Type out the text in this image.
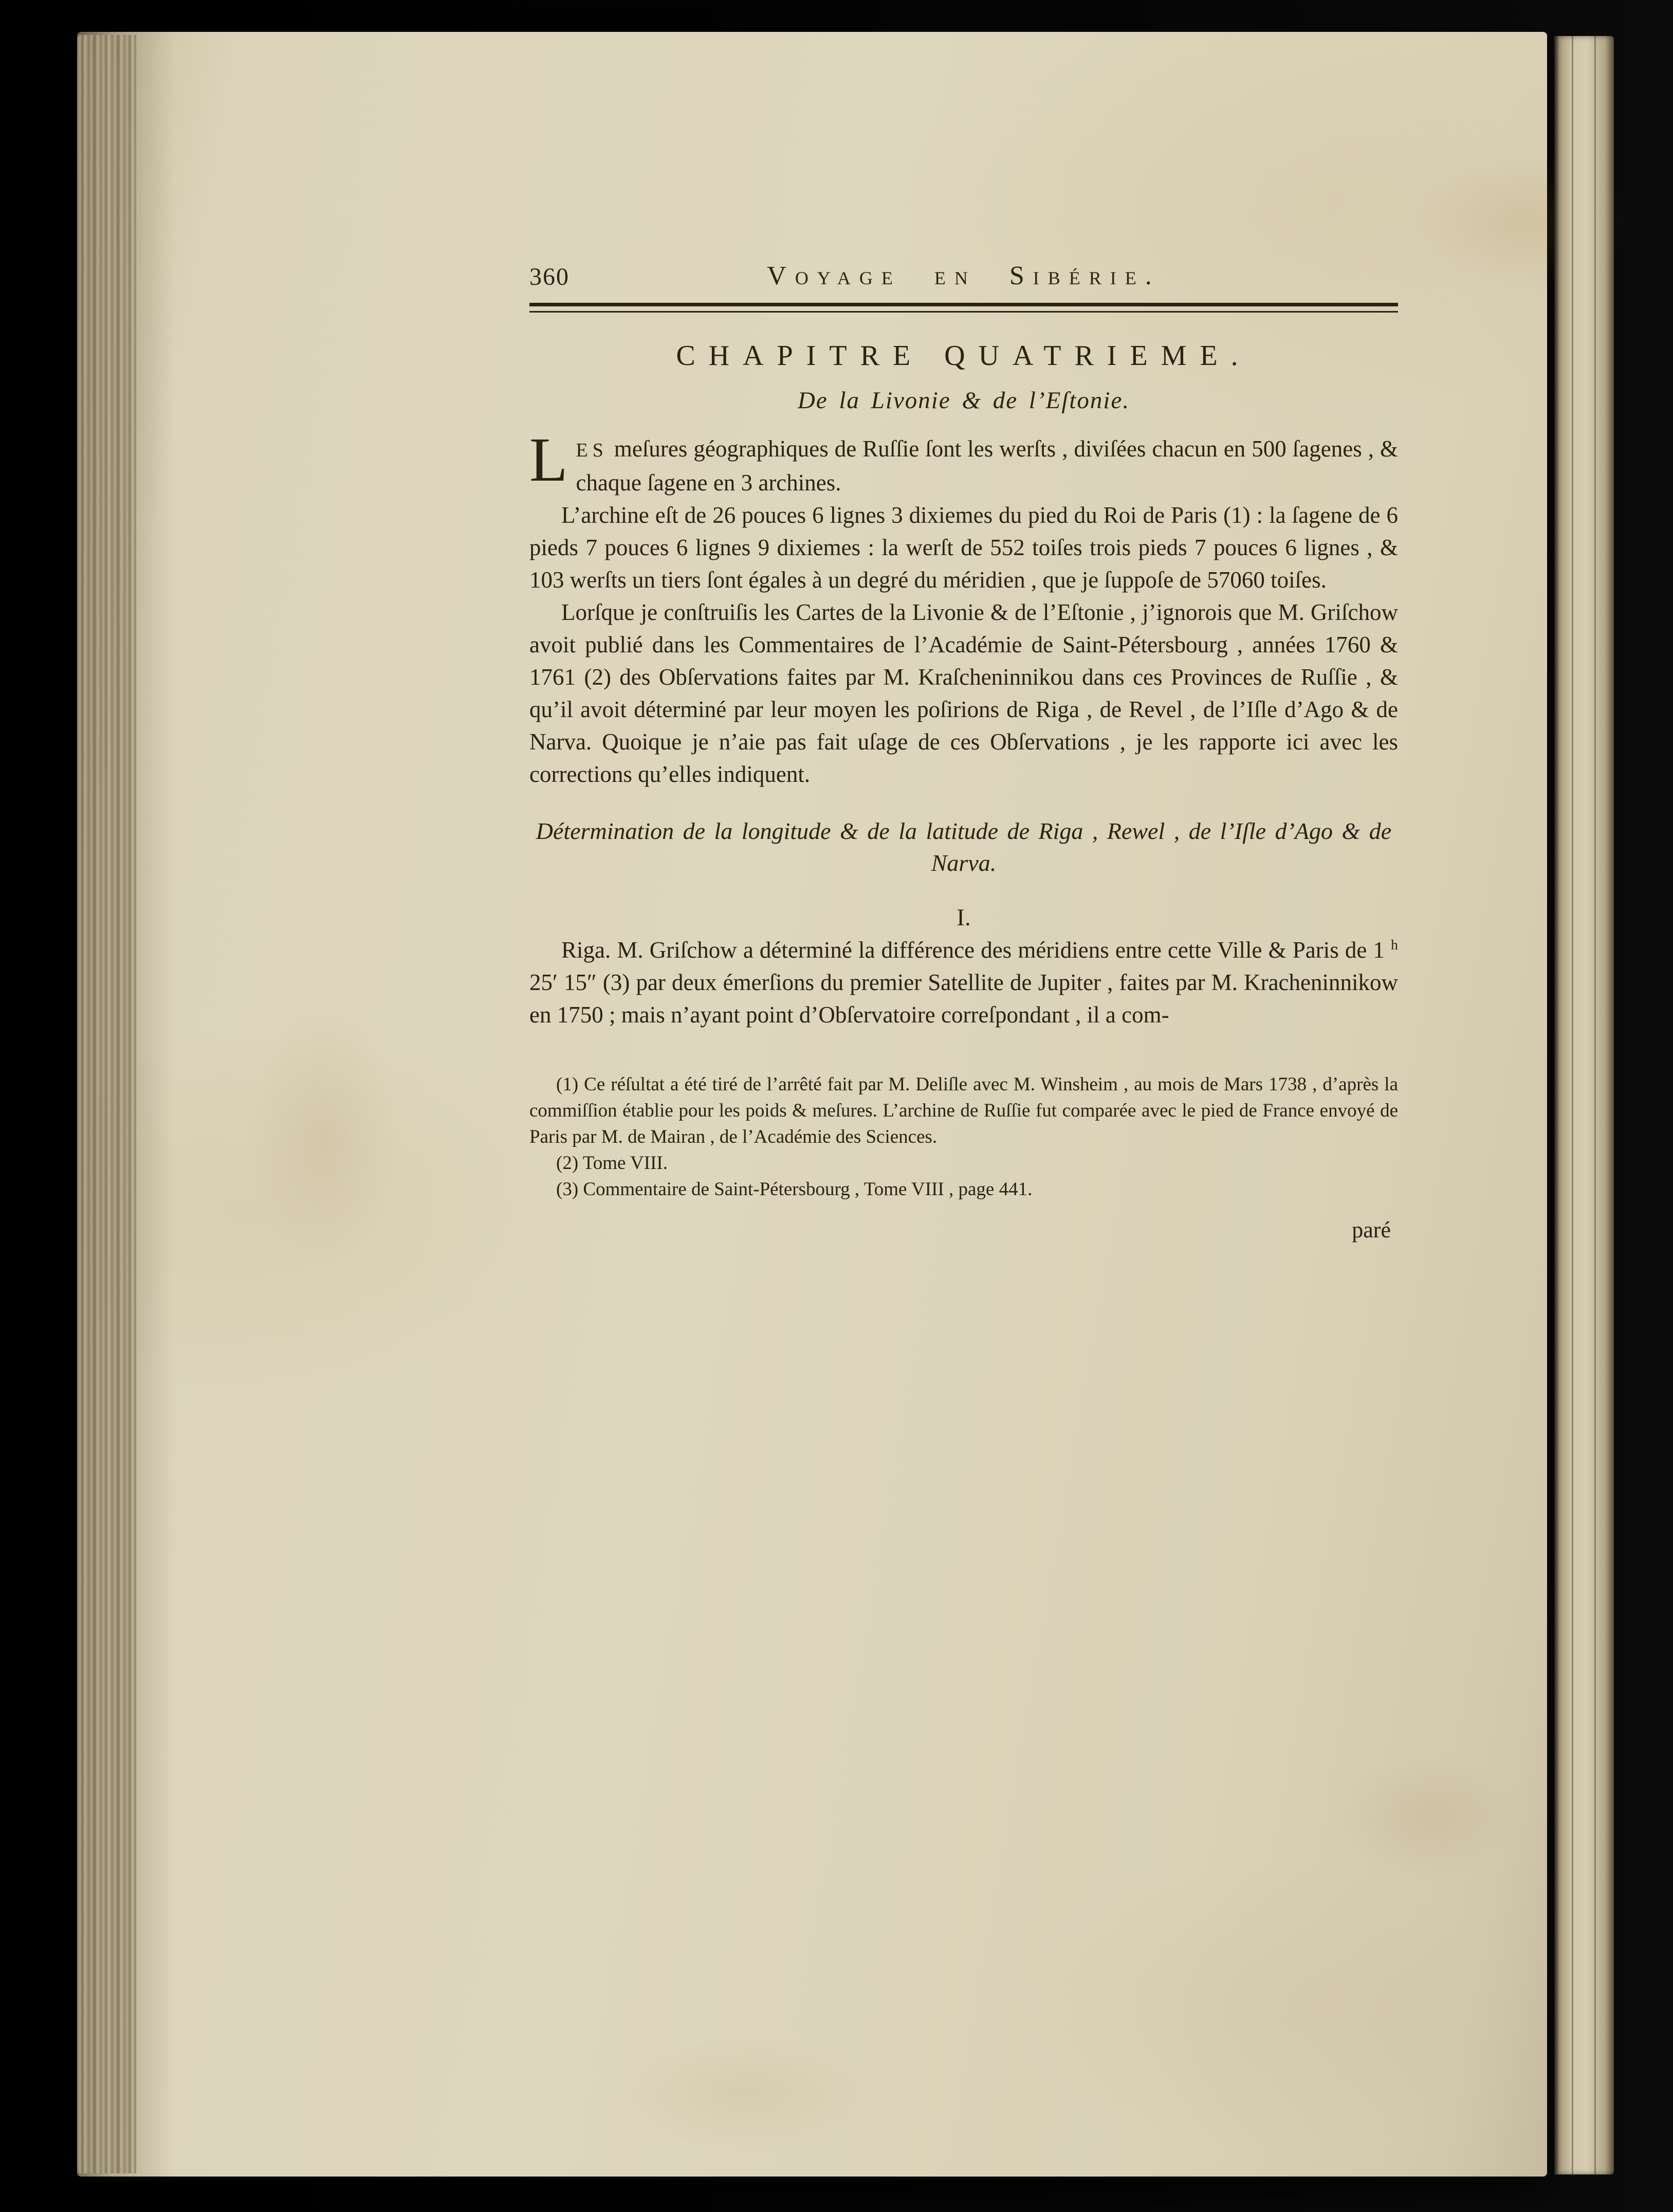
360	Voyage en Sibérie.
CHAPITRE QUATRIEME.
De la Livonie & de l’Eſtonie.

LES meſures géographiques de Ruſſie ſont les werſts , diviſées chacun en 500 ſagenes , & chaque ſagene en 3 archines.

L’archine eſt de 26 pouces 6 lignes 3 dixiemes du pied du Roi de Paris (1) : la ſagene de 6 pieds 7 pouces 6 lignes 9 dixiemes : la werſt de 552 toiſes trois pieds 7 pouces 6 lignes , & 103 werſts un tiers ſont égales à un degré du méridien , que je ſuppoſe de 57060 toiſes.

Lorſque je conſtruiſis les Cartes de la Livonie & de l’Eſtonie , j’ignorois que M. Griſchow avoit publié dans les Commentaires de l’Académie de Saint-Pétersbourg , années 1760 & 1761 (2) des Obſervations faites par M. Kraſcheninnikou dans ces Provinces de Ruſſie , & qu’il avoit déterminé par leur moyen les poſirions de Riga , de Revel , de l’Iſle d’Ago & de Narva. Quoique je n’aie pas fait uſage de ces Obſervations , je les rapporte ici avec les corrections qu’elles indiquent.

Détermination de la longitude & de la latitude de Riga , Rewel , de l’Iſle d’Ago & de Narva.
I.

Riga. M. Griſchow a déterminé la différence des méridiens entre cette Ville & Paris de 1 $^h$ 25′ 15″ (3) par deux émerſions du premier Satellite de Jupiter , faites par M. Kracheninnikow en 1750 ; mais n’ayant point d’Obſervatoire correſpondant , il a com-

(1) Ce réſultat a été tiré de l’arrêté fait par M. Deliſle avec M. Winsheim , au mois de Mars 1738 , d’après la commiſſion établie pour les poids & meſures. L’archine de Ruſſie fut comparée avec le pied de France envoyé de Paris par M. de Mairan , de l’Académie des Sciences.

(2) Tome VIII.

(3) Commentaire de Saint-Pétersbourg , Tome VIII , page 441.

paré
